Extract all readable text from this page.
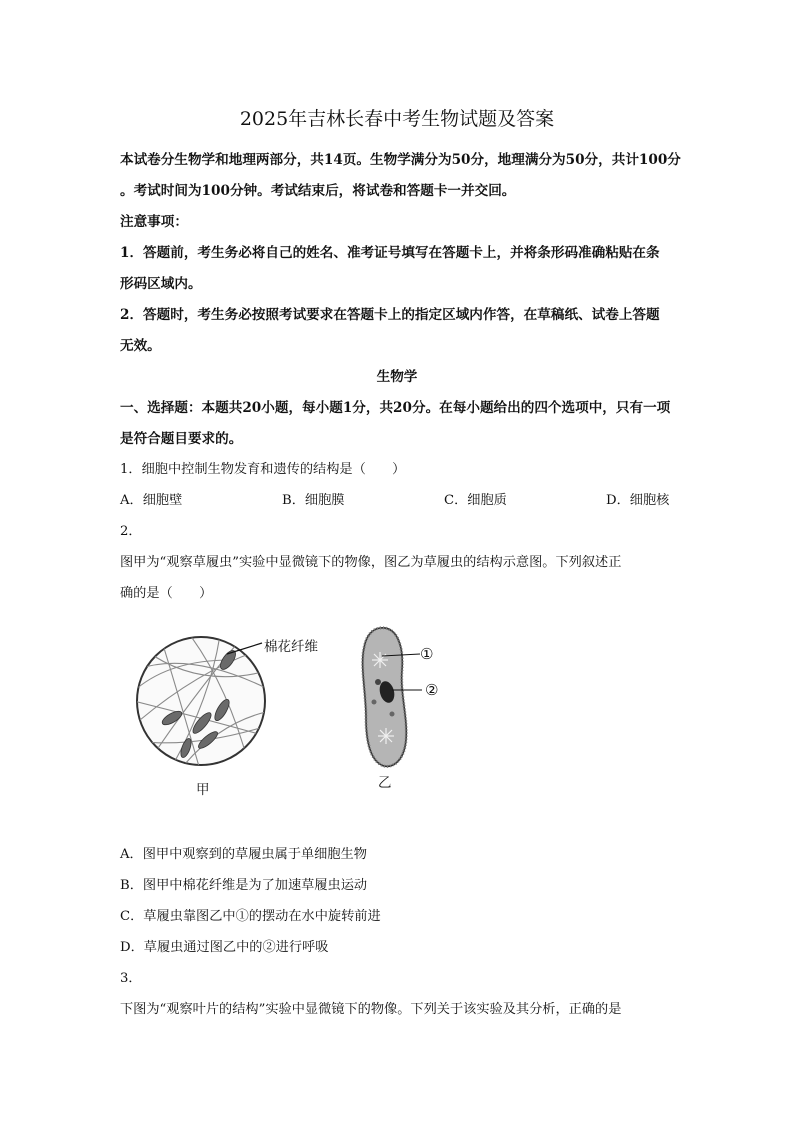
2025年吉林长春中考生物试题及答案
本试卷分生物学和地理两部分，共14页。生物学满分为50分，地理满分为50分，共计100分
。考试时间为100分钟。考试结束后，将试卷和答题卡一并交回。
注意事项：
1．答题前，考生务必将自己的姓名、准考证号填写在答题卡上，并将条形码准确粘贴在条
形码区域内。
2．答题时，考生务必按照考试要求在答题卡上的指定区域内作答，在草稿纸、试卷上答题
无效。
生物学
一、选择题：本题共20小题，每小题1分，共20分。在每小题给出的四个选项中，只有一项
是符合题目要求的。
1．细胞中控制生物发育和遗传的结构是（　　）
A．细胞壁	B．细胞膜	C．细胞质	D．细胞核
2．
图甲为“观察草履虫”实验中显微镜下的物像，图乙为草履虫的结构示意图。下列叙述正
确的是（　　）
棉花纤维
甲
①
②
乙
A．图甲中观察到的草履虫属于单细胞生物
B．图甲中棉花纤维是为了加速草履虫运动
C．草履虫靠图乙中①的摆动在水中旋转前进
D．草履虫通过图乙中的②进行呼吸
3．
下图为“观察叶片的结构”实验中显微镜下的物像。下列关于该实验及其分析，正确的是
